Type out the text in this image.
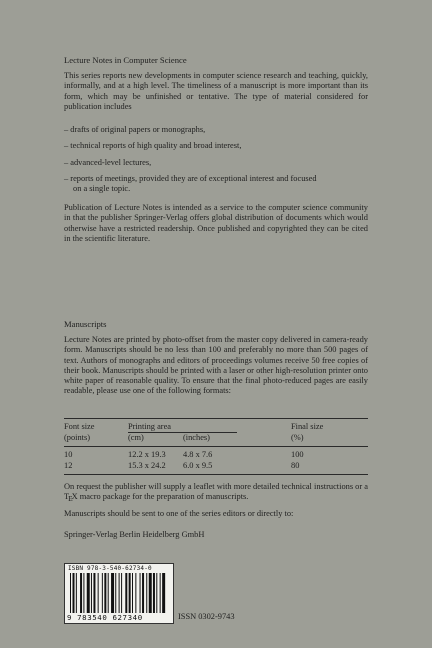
Lecture Notes in Computer Science

This series reports new developments in computer science research and teaching, quickly, informally, and at a high level. The timeliness of a manuscript is more important than its form, which may be unfinished or tentative. The type of material considered for publication includes

– drafts of original papers or monographs,
– technical reports of high quality and broad interest,
– advanced-level lectures,
– reports of meetings, provided they are of exceptional interest and focused
on a single topic.

Publication of Lecture Notes is intended as a service to the computer science community in that the publisher Springer-Verlag offers global distribution of documents which would otherwise have a restricted readership. Once published and copyrighted they can be cited in the scientific literature.

Manuscripts

Lecture Notes are printed by photo-offset from the master copy delivered in camera-ready form. Manuscripts should be no less than 100 and preferably no more than 500 pages of text. Authors of monographs and editors of proceedings volumes receive 50 free copies of their book. Manuscripts should be printed with a laser or other high-resolution printer onto white paper of reasonable quality. To ensure that the final photo-reduced pages are easily readable, please use one of the following formats:

Font size	Printing area		Final size
(points)	(cm)	(inches)	(%)
10	12.2 x 19.3	4.8 x 7.6	100
12	15.3 x 24.2	6.0 x 9.5	80

On request the publisher will supply a leaflet with more detailed technical instructions or a TEX macro package for the preparation of manuscripts.

Manuscripts should be sent to one of the series editors or directly to:

Springer-Verlag Berlin Heidelberg GmbH

ISBN 978-3-540-62734-0
9 783540 627340	ISSN 0302-9743
